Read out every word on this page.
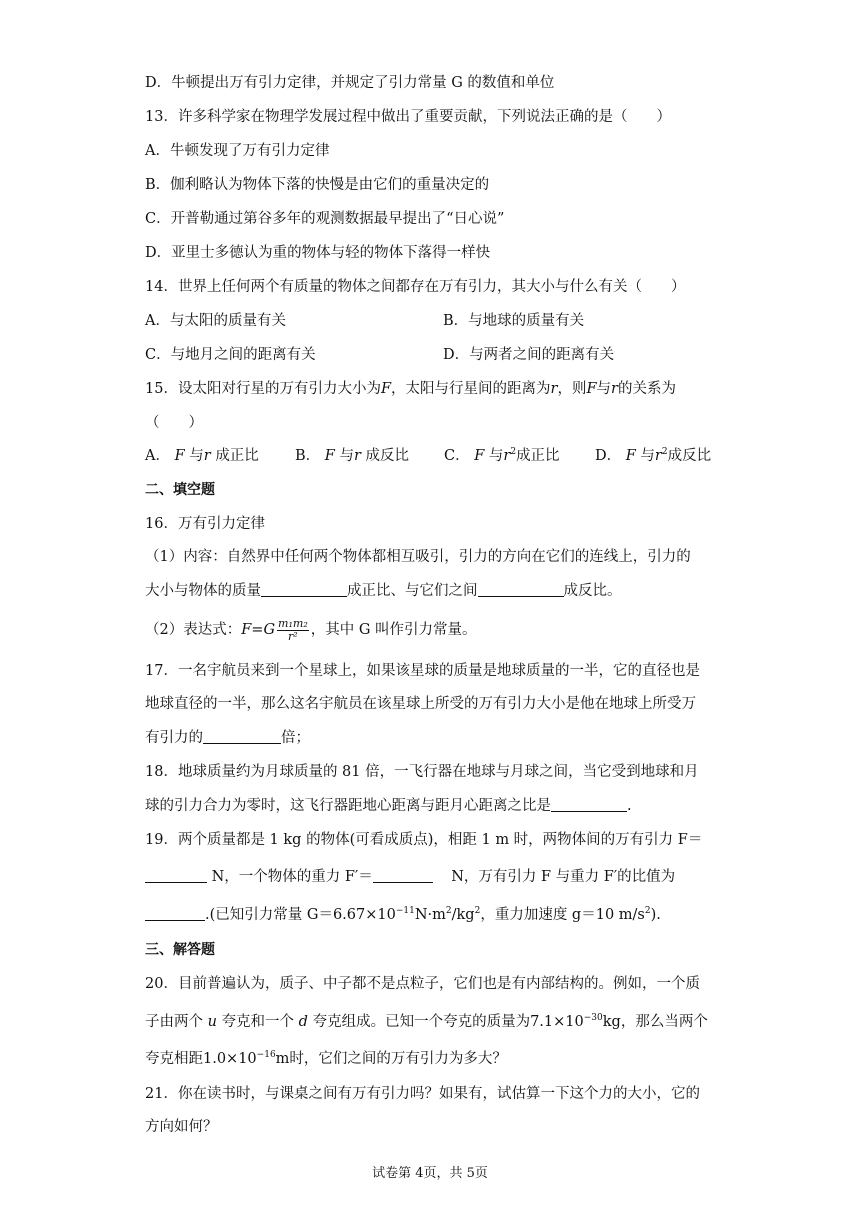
D．牛顿提出万有引力定律，并规定了引力常量 G 的数值和单位
13．许多科学家在物理学发展过程中做出了重要贡献，下列说法正确的是（　　）
A．牛顿发现了万有引力定律
B．伽利略认为物体下落的快慢是由它们的重量决定的
C．开普勒通过第谷多年的观测数据最早提出了“日心说”
D．亚里士多德认为重的物体与轻的物体下落得一样快
14．世界上任何两个有质量的物体之间都存在万有引力，其大小与什么有关（　　）
A．与太阳的质量有关	B．与地球的质量有关
C．与地月之间的距离有关	D．与两者之间的距离有关
15．设太阳对行星的万有引力大小为F，太阳与行星间的距离为r，则F与r的关系为
（　　）
A． F 与r 成正比 B． F 与r 成反比 C． F 与$r^2$成正比 D． F 与$r^2$成反比
二、填空题
16．万有引力定律
（1）内容：自然界中任何两个物体都相互吸引，引力的方向在它们的连线上，引力的
大小与物体的质量	成正比、与它们之间	成反比。
（2）表达式：$F=G \frac{\text{m₁m₂}}{\text{r²}}$ ，其中 G 叫作引力常量。
17．一名宇航员来到一个星球上，如果该星球的质量是地球质量的一半，它的直径也是
地球直径的一半，那么这名宇航员在该星球上所受的万有引力大小是他在地球上所受万
有引力的	倍；
18．地球质量约为月球质量的 81 倍，一飞行器在地球与月球之间，当它受到地球和月
球的引力合力为零时，这飞行器距地心距离与距月心距离之比是	.
19．两个质量都是 1 kg 的物体(可看成质点)，相距 1 m 时，两物体间的万有引力 F＝
N，一个物体的重力 F′＝	N，万有引力 F 与重力 F′的比值为
.(已知引力常量 $G=6.67\times 10^{-11}N\cdot m^2/kg^2$，重力加速度 g＝10 $m/s^2$).
三、解答题
20．目前普遍认为，质子、中子都不是点粒子，它们也是有内部结构的。例如，一个质
子由两个 u 夸克和一个 d 夸克组成。已知一个夸克的质量为$7.1\times 10^{-30}kg$，那么当两个
夸克相距$1.0\times 10^{-16}m$时，它们之间的万有引力为多大？
21．你在读书时，与课桌之间有万有引力吗？如果有，试估算一下这个力的大小，它的
方向如何？
试卷第 4页，共 5页
